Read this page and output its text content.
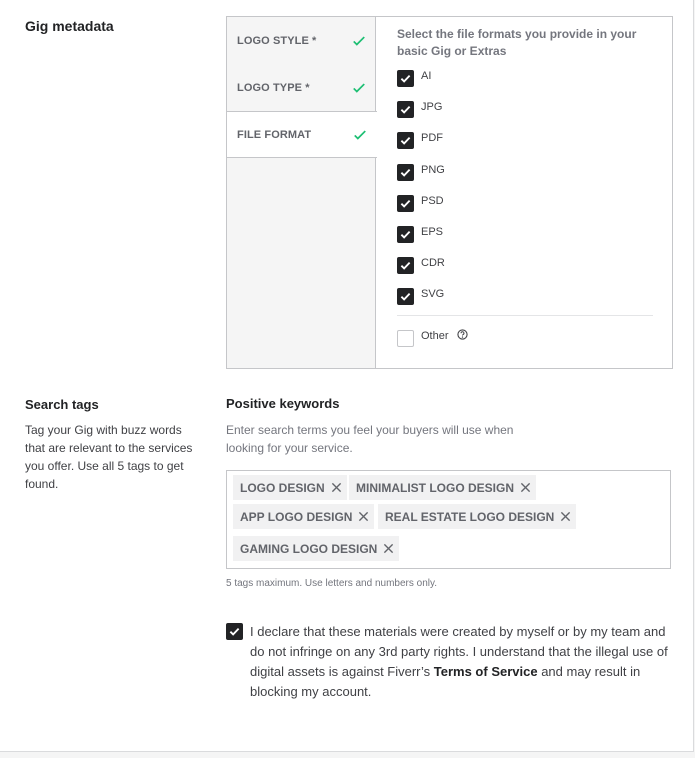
Gig metadata
LOGO STYLE *
LOGO TYPE *
FILE FORMAT
Select the file formats you provide in your basic Gig or Extras
AI
JPG
PDF
PNG
PSD
EPS
CDR
SVG
Other
Search tags
Tag your Gig with buzz words that are relevant to the services you offer. Use all 5 tags to get found.
Positive keywords
Enter search terms you feel your buyers will use when looking for your service.
LOGO DESIGN	MINIMALIST LOGO DESIGN
APP LOGO DESIGN	REAL ESTATE LOGO DESIGN
GAMING LOGO DESIGN
5 tags maximum. Use letters and numbers only.
I declare that these materials were created by myself or by my team and do not infringe on any 3rd party rights. I understand that the illegal use of digital assets is against Fiverr’s Terms of Service and may result in blocking my account.
